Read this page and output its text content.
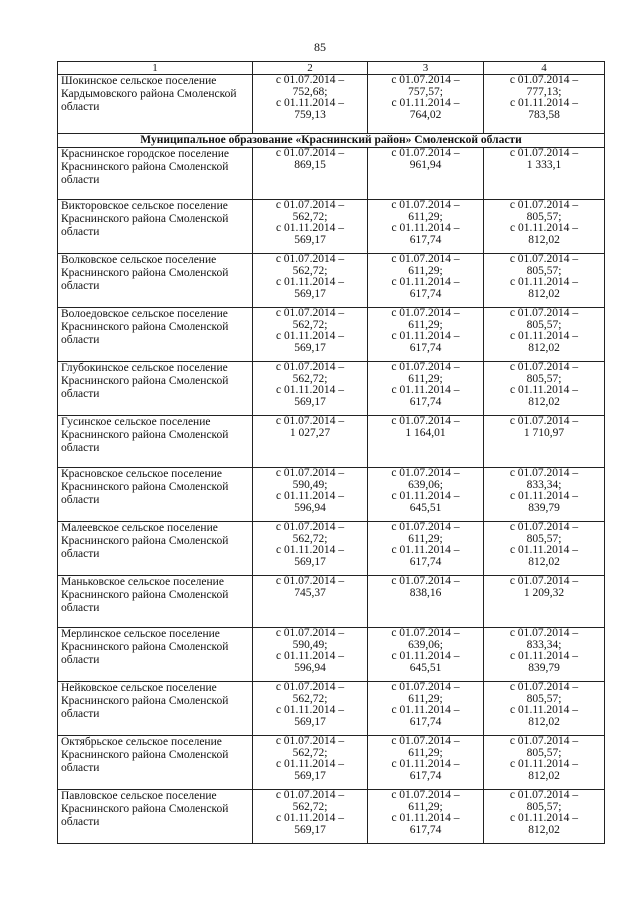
85
1	2	3	4
Шокинское сельское поселение Кардымовского района Смоленской области	с 01.07.2014 –
752,68;
с 01.11.2014 –
759,13	с 01.07.2014 –
757,57;
с 01.11.2014 –
764,02	с 01.07.2014 –
777,13;
с 01.11.2014 –
783,58

Муниципальное образование «Краснинский район» Смоленской области			
Краснинское городское поселение Краснинского района Смоленской области	с 01.07.2014 –
869,15	с 01.07.2014 –
961,94	с 01.07.2014 –
1 333,1

Викторовское сельское поселение Краснинского района Смоленской области	с 01.07.2014 –
562,72;
с 01.11.2014 –
569,17	с 01.07.2014 –
611,29;
с 01.11.2014 –
617,74	с 01.07.2014 –
805,57;
с 01.11.2014 –
812,02

Волковское сельское поселение Краснинского района Смоленской области	с 01.07.2014 –
562,72;
с 01.11.2014 –
569,17	с 01.07.2014 –
611,29;
с 01.11.2014 –
617,74	с 01.07.2014 –
805,57;
с 01.11.2014 –
812,02

Волоедовское сельское поселение Краснинского района Смоленской области	с 01.07.2014 –
562,72;
с 01.11.2014 –
569,17	с 01.07.2014 –
611,29;
с 01.11.2014 –
617,74	с 01.07.2014 –
805,57;
с 01.11.2014 –
812,02

Глубокинское сельское поселение Краснинского района Смоленской области	с 01.07.2014 –
562,72;
с 01.11.2014 –
569,17	с 01.07.2014 –
611,29;
с 01.11.2014 –
617,74	с 01.07.2014 –
805,57;
с 01.11.2014 –
812,02

Гусинское сельское поселение Краснинского района Смоленской области	с 01.07.2014 –
1 027,27	с 01.07.2014 –
1 164,01	с 01.07.2014 –
1 710,97

Красновское сельское поселение Краснинского района Смоленской области	с 01.07.2014 –
590,49;
с 01.11.2014 –
596,94	с 01.07.2014 –
639,06;
с 01.11.2014 –
645,51	с 01.07.2014 –
833,34;
с 01.11.2014 –
839,79

Малеевское сельское поселение Краснинского района Смоленской области	с 01.07.2014 –
562,72;
с 01.11.2014 –
569,17	с 01.07.2014 –
611,29;
с 01.11.2014 –
617,74	с 01.07.2014 –
805,57;
с 01.11.2014 –
812,02

Маньковское сельское поселение Краснинского района Смоленской области	с 01.07.2014 –
745,37	с 01.07.2014 –
838,16	с 01.07.2014 –
1 209,32

Мерлинское сельское поселение Краснинского района Смоленской области	с 01.07.2014 –
590,49;
с 01.11.2014 –
596,94	с 01.07.2014 –
639,06;
с 01.11.2014 –
645,51	с 01.07.2014 –
833,34;
с 01.11.2014 –
839,79

Нейковское сельское поселение Краснинского района Смоленской области	с 01.07.2014 –
562,72;
с 01.11.2014 –
569,17	с 01.07.2014 –
611,29;
с 01.11.2014 –
617,74	с 01.07.2014 –
805,57;
с 01.11.2014 –
812,02

Октябрьское сельское поселение Краснинского района Смоленской области	с 01.07.2014 –
562,72;
с 01.11.2014 –
569,17	с 01.07.2014 –
611,29;
с 01.11.2014 –
617,74	с 01.07.2014 –
805,57;
с 01.11.2014 –
812,02

Павловское сельское поселение Краснинского района Смоленской области	с 01.07.2014 –
562,72;
с 01.11.2014 –
569,17	с 01.07.2014 –
611,29;
с 01.11.2014 –
617,74	с 01.07.2014 –
805,57;
с 01.11.2014 –
812,02
